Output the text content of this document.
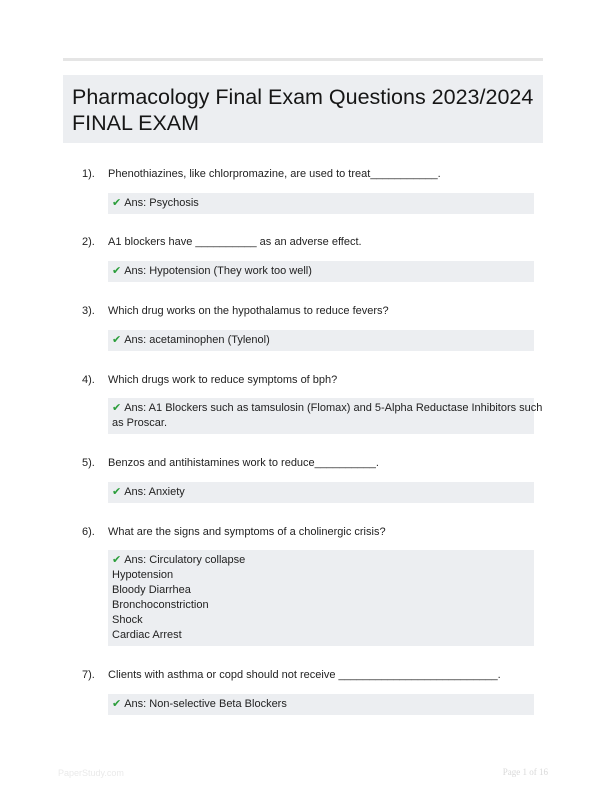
Pharmacology Final Exam Questions 2023/2024
FINAL EXAM
1). Phenothiazines, like chlorpromazine, are used to treat___________.
✔ Ans: Psychosis
2). A1 blockers have __________ as an adverse effect.
✔ Ans: Hypotension (They work too well)
3). Which drug works on the hypothalamus to reduce fevers?
✔ Ans: acetaminophen (Tylenol)
4). Which drugs work to reduce symptoms of bph?
✔ Ans: A1 Blockers such as tamsulosin (Flomax) and 5-Alpha Reductase Inhibitors such
as Proscar.
5). Benzos and antihistamines work to reduce__________.
✔ Ans: Anxiety
6). What are the signs and symptoms of a cholinergic crisis?
✔ Ans: Circulatory collapse
Hypotension
Bloody Diarrhea
Bronchoconstriction
Shock
Cardiac Arrest
7). Clients with asthma or copd should not receive __________________________.
✔ Ans: Non-selective Beta Blockers
PaperStudy.com	Page 1 of 16
